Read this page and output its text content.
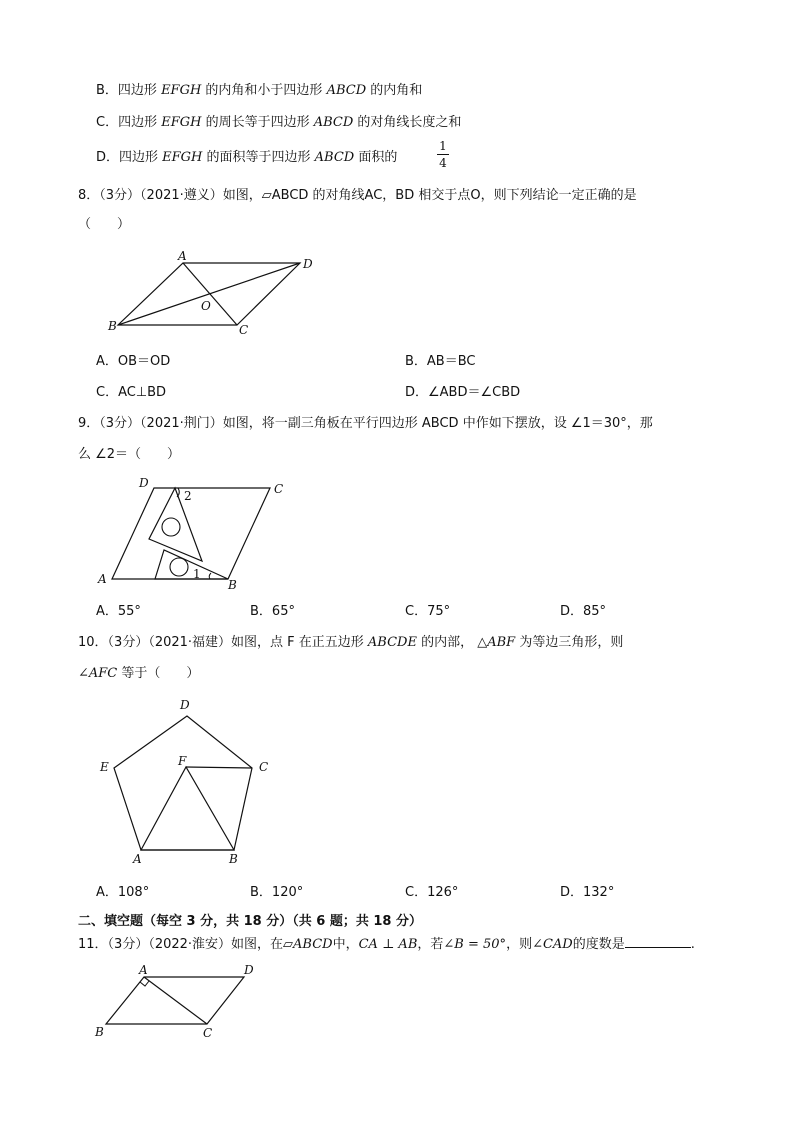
B．四边形 EFGH 的内角和小于四边形 ABCD 的内角和
C．四边形 EFGH 的周长等于四边形 ABCD 的对角线长度之和
D．四边形 EFGH 的面积等于四边形 ABCD 面积的
1
4
8．（3分）（2021·遵义）如图，▱ABCD 的对角线AC，BD 相交于点O，则下列结论一定正确的是
（　　）
A
B	C
D
O
A．OB＝OD	B．AB＝BC
C．AC⊥BD	D．∠ABD＝∠CBD
9．（3分）（2021·荆门）如图，将一副三角板在平行四边形 ABCD 中作如下摆放，设 ∠1＝30°，那
么 ∠2＝（　　）
D	C
A	B
2
1
A．55°	B．65°	C．75°	D．85°
10．（3分）（2021·福建）如图，点 F 在正五边形 ABCDE 的内部， △ABF 为等边三角形，则
∠AFC 等于（　　）
A	B
C
D
E	F
A．108°	B．120°	C．126°	D．132°
二、填空题（每空 3 分，共 18 分）（共 6 题；共 18 分）
11．（3分）（2022·淮安）如图，在▱ABCD中，CA ⊥ AB，若∠B = 50°，则∠CAD的度数是	.
A
B	C
D
